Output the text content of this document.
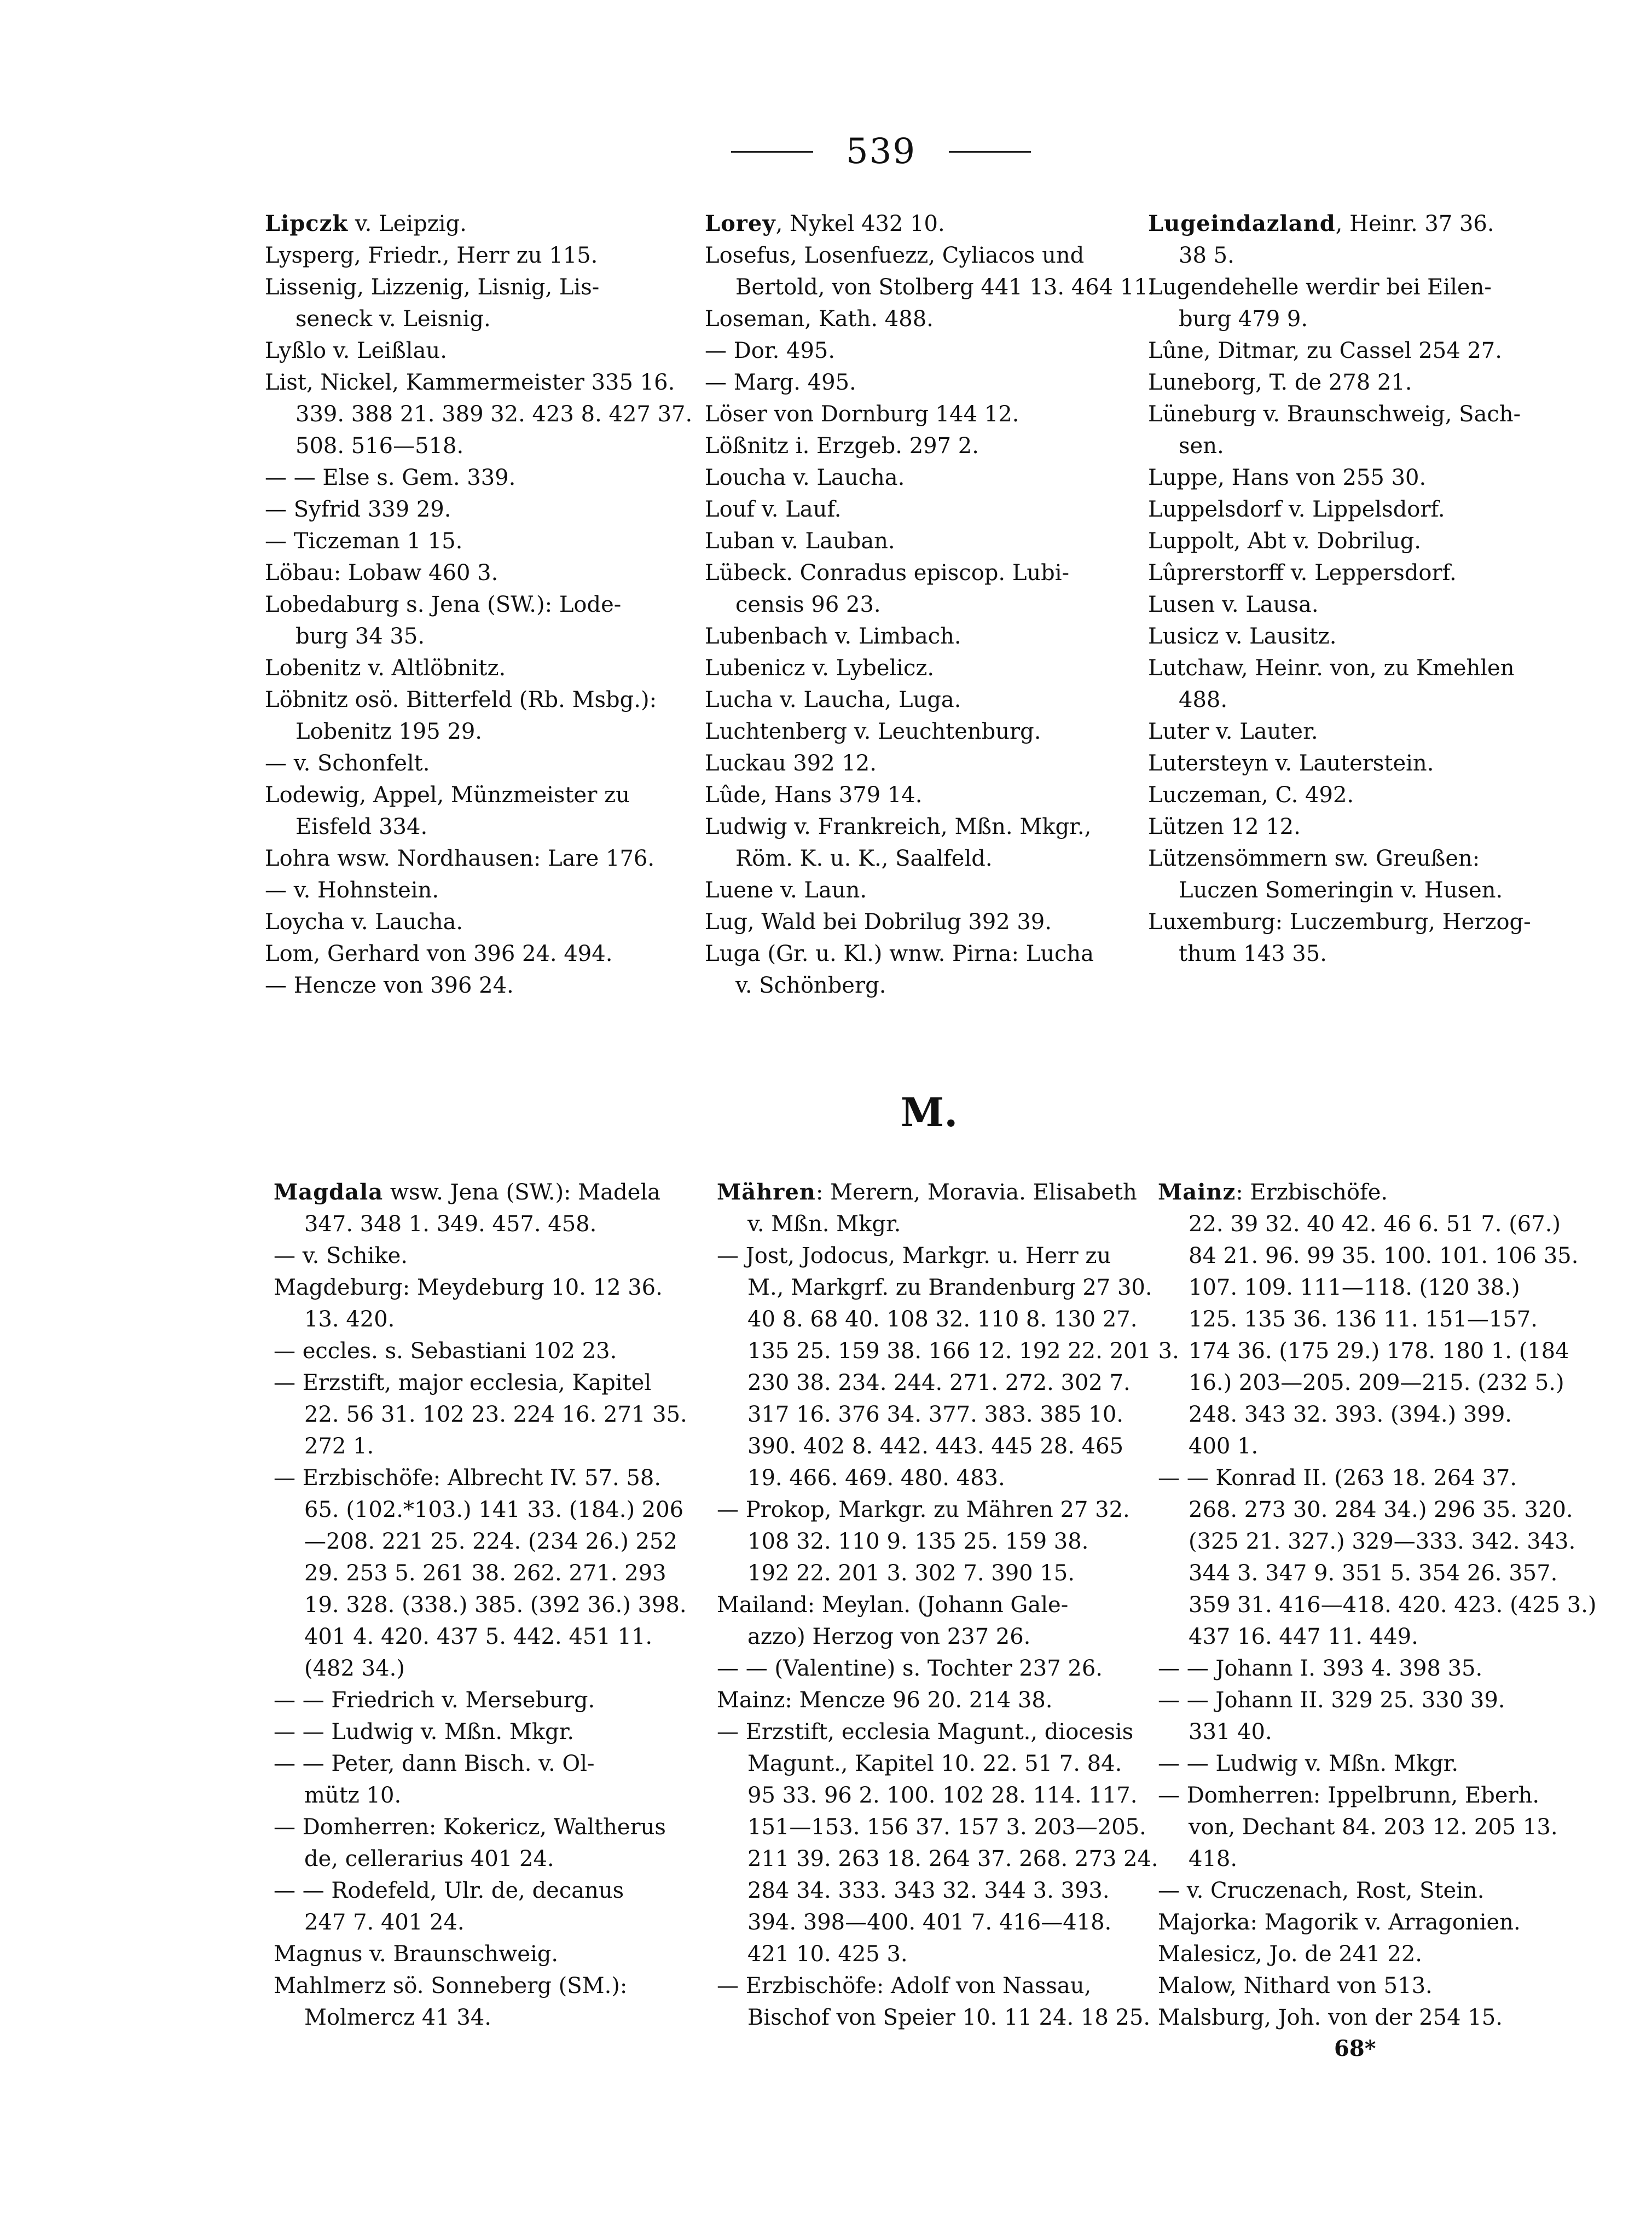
539
Lipczk v. Leipzig.
Lysperg, Friedr., Herr zu 115.
Lissenig, Lizzenig, Lisnig, Lis-
seneck v. Leisnig.
Lyßlo v. Leißlau.
List, Nickel, Kammermeister 335 16.
339. 388 21. 389 32. 423 8. 427 37.
508. 516—518.
— — Else s. Gem. 339.
— Syfrid 339 29.
— Ticzeman 1 15.
Löbau: Lobaw 460 3.
Lobedaburg s. Jena (SW.): Lode-
burg 34 35.
Lobenitz v. Altlöbnitz.
Löbnitz osö. Bitterfeld (Rb. Msbg.):
Lobenitz 195 29.
— v. Schonfelt.
Lodewig, Appel, Münzmeister zu
Eisfeld 334.
Lohra wsw. Nordhausen: Lare 176.
— v. Hohnstein.
Loycha v. Laucha.
Lom, Gerhard von 396 24. 494.
— Hencze von 396 24.
Lorey, Nykel 432 10.
Losefus, Losenfuezz, Cyliacos und
Bertold, von Stolberg 441 13. 464 11.
Loseman, Kath. 488.
— Dor. 495.
— Marg. 495.
Löser von Dornburg 144 12.
Lößnitz i. Erzgeb. 297 2.
Loucha v. Laucha.
Louf v. Lauf.
Luban v. Lauban.
Lübeck. Conradus episcop. Lubi-
censis 96 23.
Lubenbach v. Limbach.
Lubenicz v. Lybelicz.
Lucha v. Laucha, Luga.
Luchtenberg v. Leuchtenburg.
Luckau 392 12.
Lûde, Hans 379 14.
Ludwig v. Frankreich, Mßn. Mkgr.,
Röm. K. u. K., Saalfeld.
Luene v. Laun.
Lug, Wald bei Dobrilug 392 39.
Luga (Gr. u. Kl.) wnw. Pirna: Lucha
v. Schönberg.
Lugeindazland, Heinr. 37 36.
38 5.
Lugendehelle werdir bei Eilen-
burg 479 9.
Lûne, Ditmar, zu Cassel 254 27.
Luneborg, T. de 278 21.
Lüneburg v. Braunschweig, Sach-
sen.
Luppe, Hans von 255 30.
Luppelsdorf v. Lippelsdorf.
Luppolt, Abt v. Dobrilug.
Lûprerstorff v. Leppersdorf.
Lusen v. Lausa.
Lusicz v. Lausitz.
Lutchaw, Heinr. von, zu Kmehlen
488.
Luter v. Lauter.
Lutersteyn v. Lauterstein.
Luczeman, C. 492.
Lützen 12 12.
Lützensömmern sw. Greußen:
Luczen Someringin v. Husen.
Luxemburg: Luczemburg, Herzog-
thum 143 35.
M.
Magdala wsw. Jena (SW.): Madela
347. 348 1. 349. 457. 458.
— v. Schike.
Magdeburg: Meydeburg 10. 12 36.
13. 420.
— eccles. s. Sebastiani 102 23.
— Erzstift, major ecclesia, Kapitel
22. 56 31. 102 23. 224 16. 271 35.
272 1.
— Erzbischöfe: Albrecht IV. 57. 58.
65. (102.*103.) 141 33. (184.) 206
—208. 221 25. 224. (234 26.) 252
29. 253 5. 261 38. 262. 271. 293
19. 328. (338.) 385. (392 36.) 398.
401 4. 420. 437 5. 442. 451 11.
(482 34.)
— — Friedrich v. Merseburg.
— — Ludwig v. Mßn. Mkgr.
— — Peter, dann Bisch. v. Ol-
mütz 10.
— Domherren: Kokericz, Waltherus
de, cellerarius 401 24.
— — Rodefeld, Ulr. de, decanus
247 7. 401 24.
Magnus v. Braunschweig.
Mahlmerz sö. Sonneberg (SM.):
Molmercz 41 34.
Mähren: Merern, Moravia. Elisabeth
v. Mßn. Mkgr.
— Jost, Jodocus, Markgr. u. Herr zu
M., Markgrf. zu Brandenburg 27 30.
40 8. 68 40. 108 32. 110 8. 130 27.
135 25. 159 38. 166 12. 192 22. 201 3.
230 38. 234. 244. 271. 272. 302 7.
317 16. 376 34. 377. 383. 385 10.
390. 402 8. 442. 443. 445 28. 465
19. 466. 469. 480. 483.
— Prokop, Markgr. zu Mähren 27 32.
108 32. 110 9. 135 25. 159 38.
192 22. 201 3. 302 7. 390 15.
Mailand: Meylan. (Johann Gale-
azzo) Herzog von 237 26.
— — (Valentine) s. Tochter 237 26.
Mainz: Mencze 96 20. 214 38.
— Erzstift, ecclesia Magunt., diocesis
Magunt., Kapitel 10. 22. 51 7. 84.
95 33. 96 2. 100. 102 28. 114. 117.
151—153. 156 37. 157 3. 203—205.
211 39. 263 18. 264 37. 268. 273 24.
284 34. 333. 343 32. 344 3. 393.
394. 398—400. 401 7. 416—418.
421 10. 425 3.
— Erzbischöfe: Adolf von Nassau,
Bischof von Speier 10. 11 24. 18 25.
Mainz: Erzbischöfe.
22. 39 32. 40 42. 46 6. 51 7. (67.)
84 21. 96. 99 35. 100. 101. 106 35.
107. 109. 111—118. (120 38.)
125. 135 36. 136 11. 151—157.
174 36. (175 29.) 178. 180 1. (184
16.) 203—205. 209—215. (232 5.)
248. 343 32. 393. (394.) 399.
400 1.
— — Konrad II. (263 18. 264 37.
268. 273 30. 284 34.) 296 35. 320.
(325 21. 327.) 329—333. 342. 343.
344 3. 347 9. 351 5. 354 26. 357.
359 31. 416—418. 420. 423. (425 3.)
437 16. 447 11. 449.
— — Johann I. 393 4. 398 35.
— — Johann II. 329 25. 330 39.
331 40.
— — Ludwig v. Mßn. Mkgr.
— Domherren: Ippelbrunn, Eberh.
von, Dechant 84. 203 12. 205 13.
418.
— v. Cruczenach, Rost, Stein.
Majorka: Magorik v. Arragonien.
Malesicz, Jo. de 241 22.
Malow, Nithard von 513.
Malsburg, Joh. von der 254 15.
68*
